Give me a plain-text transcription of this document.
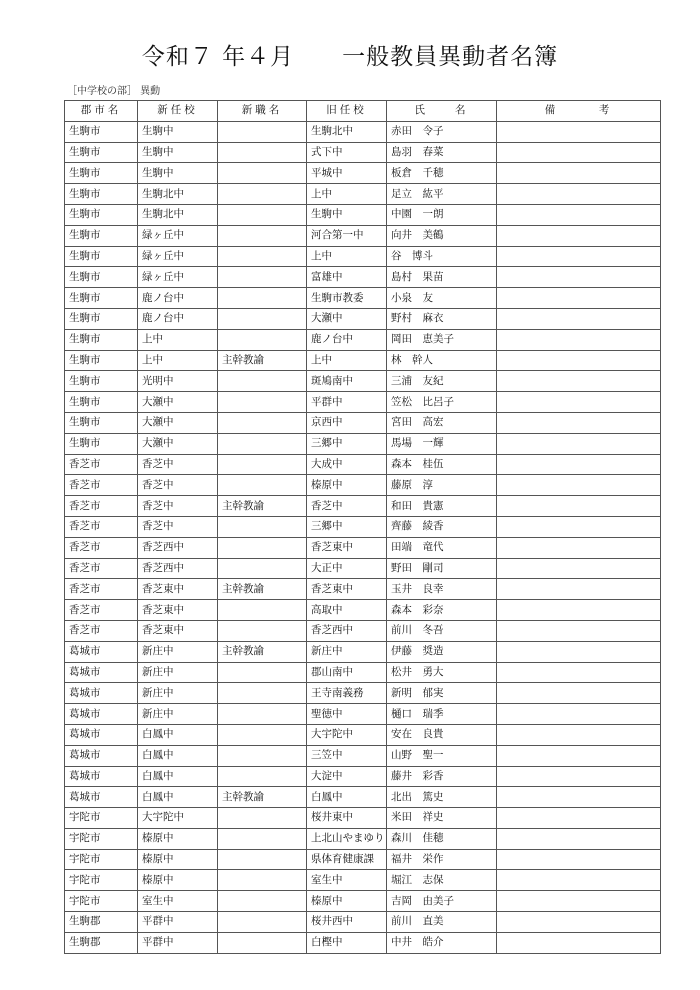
令和７ 年４月　　一般教員異動者名簿
［中学校の部］ 異動
郡市名	新任校	新職名	旧任校	氏　　名	備　　　考
生駒市	生駒中		生駒北中	赤田　令子	
生駒市	生駒中		式下中	島羽　春菜	
生駒市	生駒中		平城中	板倉　千穂	
生駒市	生駒北中		上中	足立　紘平	
生駒市	生駒北中		生駒中	中園　一朗	
生駒市	緑ヶ丘中		河合第一中	向井　美鶴	
生駒市	緑ヶ丘中		上中	谷　博斗	
生駒市	緑ヶ丘中		富雄中	島村　果苗	
生駒市	鹿ノ台中		生駒市教委	小泉　友	
生駒市	鹿ノ台中		大瀬中	野村　麻衣	
生駒市	上中		鹿ノ台中	岡田　恵美子	
生駒市	上中	主幹教諭	上中	林　幹人	
生駒市	光明中		斑鳩南中	三浦　友紀	
生駒市	大瀬中		平群中	笠松　比呂子	
生駒市	大瀬中		京西中	宮田　高宏	
生駒市	大瀬中		三郷中	馬場　一輝	
香芝市	香芝中		大成中	森本　桂伍	
香芝市	香芝中		榛原中	藤原　淳	
香芝市	香芝中	主幹教諭	香芝中	和田　貴憲	
香芝市	香芝中		三郷中	齊藤　綾香	
香芝市	香芝西中		香芝東中	田端　竜代	
香芝市	香芝西中		大正中	野田　剛司	
香芝市	香芝東中	主幹教諭	香芝東中	玉井　良幸	
香芝市	香芝東中		高取中	森本　彩奈	
香芝市	香芝東中		香芝西中	前川　冬吾	
葛城市	新庄中	主幹教諭	新庄中	伊藤　奨造	
葛城市	新庄中		郡山南中	松井　勇大	
葛城市	新庄中		王寺南義務	新明　郁実	
葛城市	新庄中		聖徳中	樋口　瑞季	
葛城市	白鳳中		大宇陀中	安在　良貴	
葛城市	白鳳中		三笠中	山野　聖一	
葛城市	白鳳中		大淀中	藤井　彩香	
葛城市	白鳳中	主幹教諭	白鳳中	北出　篤史	
宇陀市	大宇陀中		桜井東中	米田　祥史	
宇陀市	榛原中		上北山やまゆり	森川　佳穂	
宇陀市	榛原中		県体育健康課	福井　栄作	
宇陀市	榛原中		室生中	堀江　志保	
宇陀市	室生中		榛原中	吉岡　由美子	
生駒郡	平群中		桜井西中	前川　直美	
生駒郡	平群中		白樫中	中井　皓介	
